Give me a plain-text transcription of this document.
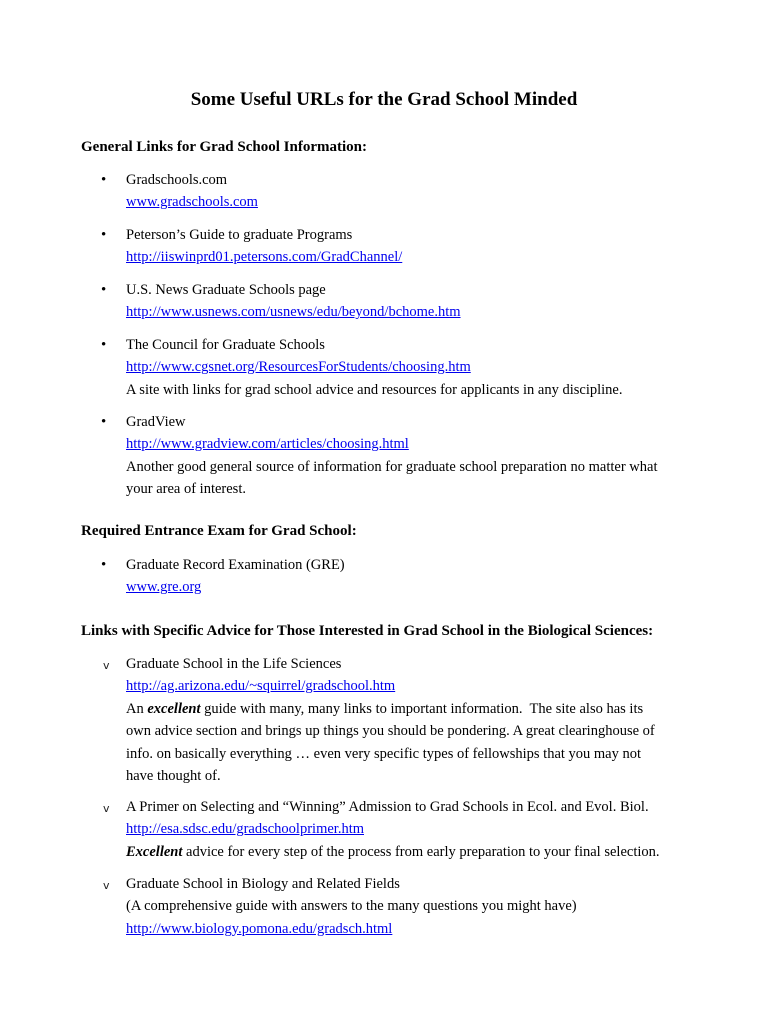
Some Useful URLs for the Grad School Minded
General Links for Grad School Information:
•
Gradschools.com
www.gradschools.com
•
Peterson’s Guide to graduate Programs
http://iiswinprd01.petersons.com/GradChannel/
•
U.S. News Graduate Schools page
http://www.usnews.com/usnews/edu/beyond/bchome.htm
•
The Council for Graduate Schools
http://www.cgsnet.org/ResourcesForStudents/choosing.htm
A site with links for grad school advice and resources for applicants in any discipline.
•
GradView
http://www.gradview.com/articles/choosing.html
Another good general source of information for graduate school preparation no matter what
your area of interest.
Required Entrance Exam for Grad School:
•
Graduate Record Examination (GRE)
www.gre.org
Links with Specific Advice for Those Interested in Grad School in the Biological Sciences:
v	Graduate School in the Life Sciences
http://ag.arizona.edu/~squirrel/gradschool.htm
An excellent guide with many, many links to important information.  The site also has its
own advice section and brings up things you should be pondering. A great clearinghouse of
info. on basically everything … even very specific types of fellowships that you may not
have thought of.
v	A Primer on Selecting and “Winning” Admission to Grad Schools in Ecol. and Evol. Biol.
http://esa.sdsc.edu/gradschoolprimer.htm
Excellent advice for every step of the process from early preparation to your final selection.
v	Graduate School in Biology and Related Fields
(A comprehensive guide with answers to the many questions you might have)
http://www.biology.pomona.edu/gradsch.html
